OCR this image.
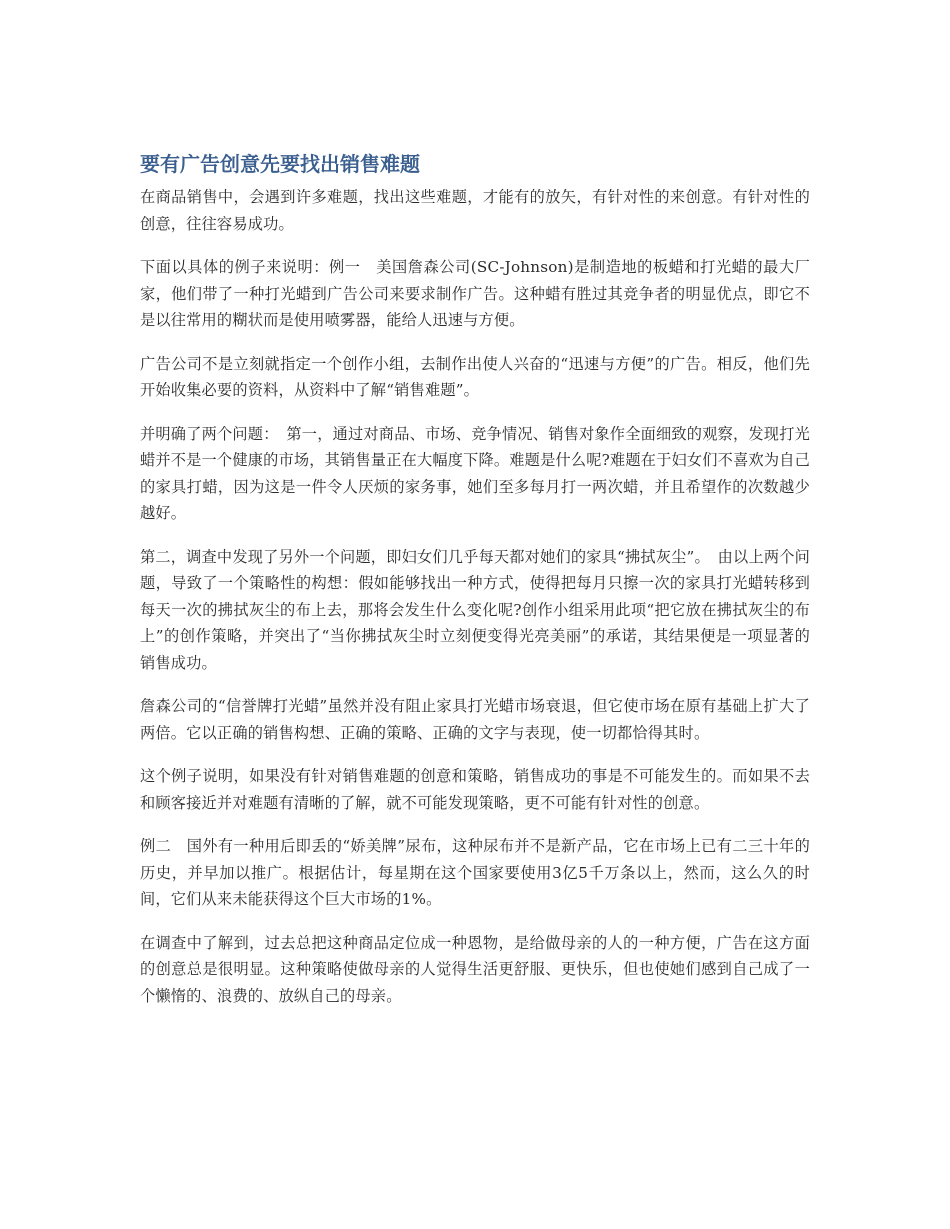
要有广告创意先要找出销售难题

在商品销售中，会遇到许多难题，找出这些难题，才能有的放矢，有针对性的来创意。有针对性的创意，往往容易成功。

下面以具体的例子来说明：例一　美国詹森公司(SC-Johnson)是制造地的板蜡和打光蜡的最大厂家，他们带了一种打光蜡到广告公司来要求制作广告。这种蜡有胜过其竞争者的明显优点，即它不是以往常用的糊状而是使用喷雾器，能给人迅速与方便。

广告公司不是立刻就指定一个创作小组，去制作出使人兴奋的“迅速与方便”的广告。相反，他们先开始收集必要的资料，从资料中了解“销售难题”。

并明确了两个问题：　第一，通过对商品、市场、竞争情况、销售对象作全面细致的观察，发现打光蜡并不是一个健康的市场，其销售量正在大幅度下降。难题是什么呢?难题在于妇女们不喜欢为自己的家具打蜡，因为这是一件令人厌烦的家务事，她们至多每月打一两次蜡，并且希望作的次数越少越好。

第二，调查中发现了另外一个问题，即妇女们几乎每天都对她们的家具“拂拭灰尘”。　由以上两个问题，导致了一个策略性的构想：假如能够找出一种方式，使得把每月只擦一次的家具打光蜡转移到每天一次的拂拭灰尘的布上去，那将会发生什么变化呢?创作小组采用此项“把它放在拂拭灰尘的布上”的创作策略，并突出了“当你拂拭灰尘时立刻便变得光亮美丽”的承诺，其结果便是一项显著的销售成功。

詹森公司的“信誉牌打光蜡”虽然并没有阻止家具打光蜡市场衰退，但它使市场在原有基础上扩大了两倍。它以正确的销售构想、正确的策略、正确的文字与表现，使一切都恰得其时。

这个例子说明，如果没有针对销售难题的创意和策略，销售成功的事是不可能发生的。而如果不去和顾客接近并对难题有清晰的了解，就不可能发现策略，更不可能有针对性的创意。

例二　国外有一种用后即丢的“娇美牌”尿布，这种尿布并不是新产品，它在市场上已有二三十年的历史，并早加以推广。根据估计，每星期在这个国家要使用3亿5千万条以上，然而，这么久的时间，它们从来未能获得这个巨大市场的1%。

在调查中了解到，过去总把这种商品定位成一种恩物，是给做母亲的人的一种方便，广告在这方面的创意总是很明显。这种策略使做母亲的人觉得生活更舒服、更快乐，但也使她们感到自己成了一个懒惰的、浪费的、放纵自己的母亲。
